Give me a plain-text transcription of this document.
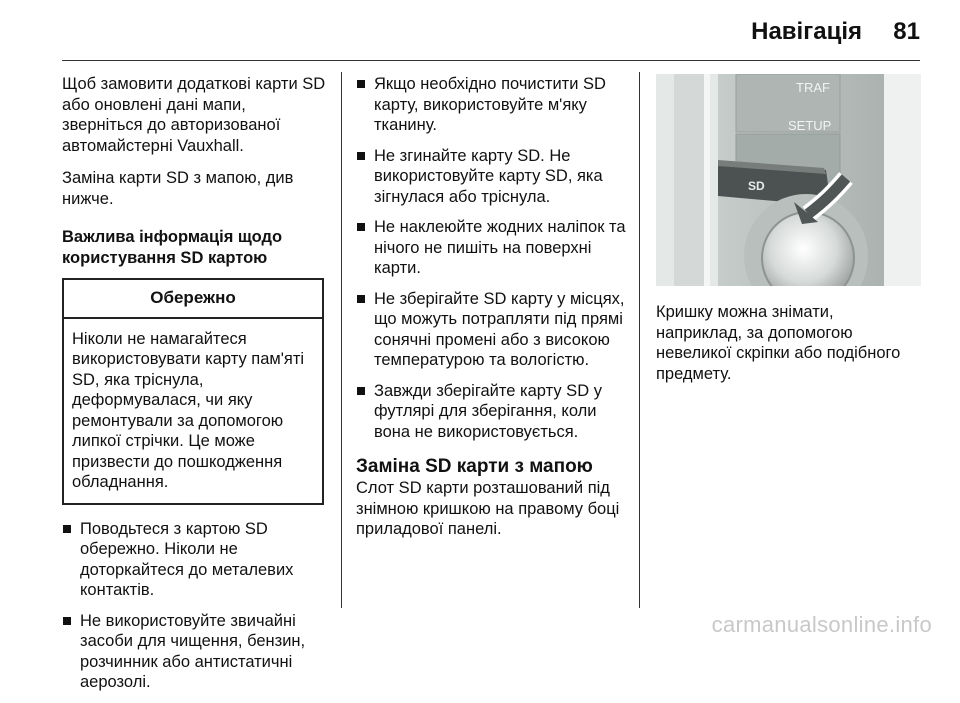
Навігація 81

Щоб замовити додаткові карти SD або оновлені дані мапи, зверніться до авторизованої автомайстерні Vauxhall.

Заміна карти SD з мапою, див нижче.

Важлива інформація щодо користування SD картою

Обережно
Ніколи не намагайтеся використовувати карту пам'яті SD, яка тріснула, деформувалася, чи яку ремонтували за допомогою липкої стрічки. Це може призвести до пошкодження обладнання.
Поводьтеся з картою SD обережно. Ніколи не доторкайтеся до металевих контактів.
Не використовуйте звичайні засоби для чищення, бензин, розчинник або антистатичні аерозолі.
Якщо необхідно почистити SD карту, використовуйте м'яку тканину.
Не згинайте карту SD. Не використовуйте карту SD, яка зігнулася або тріснула.
Не наклеюйте жодних наліпок та нічого не пишіть на поверхні карти.
Не зберігайте SD карту у місцях, що можуть потрапляти під прямі сонячні промені або з високою температурою та вологістю.
Завжди зберігайте карту SD у футлярі для зберігання, коли вона не використовується.

Заміна SD карти з мапою

Слот SD карти розташований під знімною кришкою на правому боці приладової панелі.

TRAF
SETUP
SD

Кришку можна знімати, наприклад, за допомогою невеликої скріпки або подібного предмету.

carmanualsonline.info
